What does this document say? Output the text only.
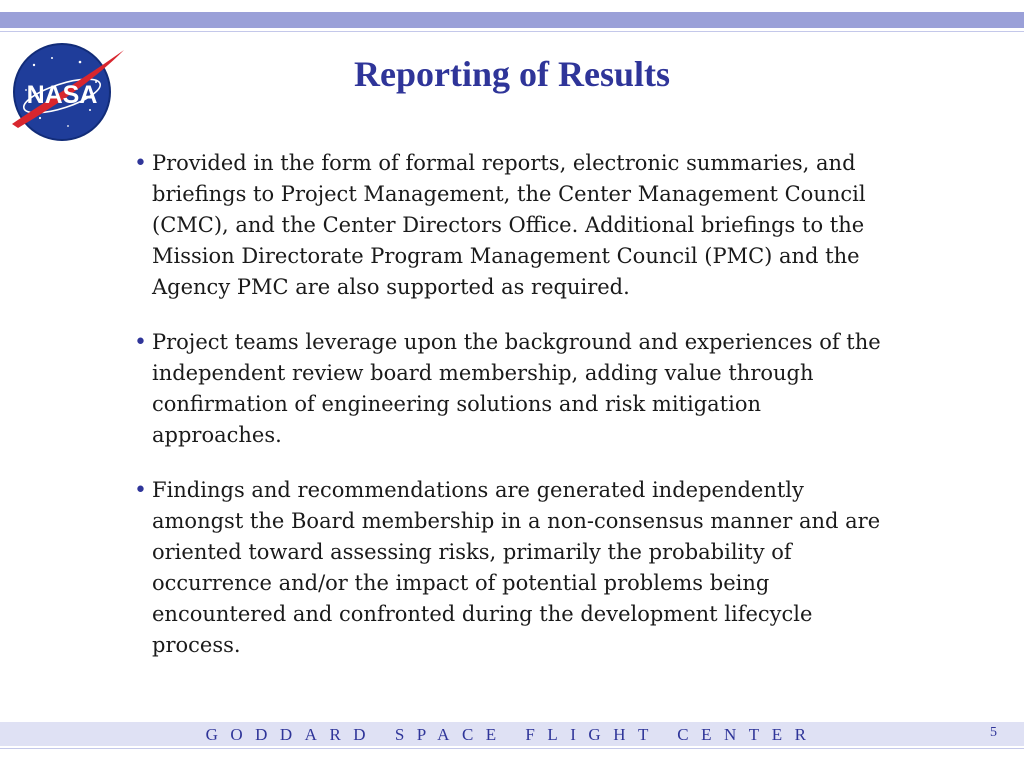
NASA
Reporting of Results
• Provided in the form of formal reports, electronic summaries, and briefings to Project Management, the Center Management Council (CMC), and the Center Directors Office. Additional briefings to the Mission Directorate Program Management Council (PMC) and the Agency PMC are also supported as required.
• Project teams leverage upon the background and experiences of the independent review board membership, adding value through confirmation of engineering solutions and risk mitigation approaches.
• Findings and recommendations are generated independently amongst the Board membership in a non-consensus manner and are oriented toward assessing risks, primarily the probability of occurrence and/or the impact of potential problems being encountered and confronted during the development lifecycle process.
GODDARD SPACE FLIGHT CENTER	5
